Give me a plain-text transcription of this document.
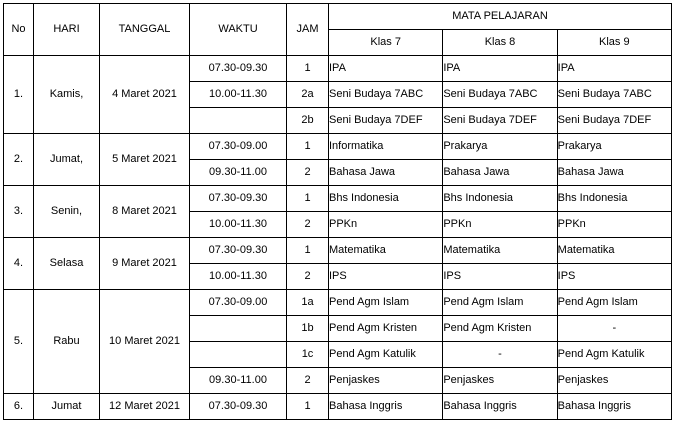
No	HARI	TANGGAL	WAKTU	JAM	MATA PELAJARAN		
					Klas 7	Klas 8	Klas 9
1.	Kamis,	4 Maret 2021	07.30-09.30	1	IPA	IPA	IPA
			10.00-11.30	2a	Seni Budaya 7ABC	Seni Budaya 7ABC	Seni Budaya 7ABC
				2b	Seni Budaya 7DEF	Seni Budaya 7DEF	Seni Budaya 7DEF
2.	Jumat,	5 Maret 2021	07.30-09.00	1	Informatika	Prakarya	Prakarya
			09.30-11.00	2	Bahasa Jawa	Bahasa Jawa	Bahasa Jawa
3.	Senin,	8 Maret 2021	07.30-09.30	1	Bhs Indonesia	Bhs Indonesia	Bhs Indonesia
			10.00-11.30	2	PPKn	PPKn	PPKn
4.	Selasa	9 Maret 2021	07.30-09.30	1	Matematika	Matematika	Matematika
			10.00-11.30	2	IPS	IPS	IPS
5.	Rabu	10 Maret 2021	07.30-09.00	1a	Pend Agm Islam	Pend Agm Islam	Pend Agm Islam
				1b	Pend Agm Kristen	Pend Agm Kristen	-
				1c	Pend Agm Katulik	-	Pend Agm Katulik
			09.30-11.00	2	Penjaskes	Penjaskes	Penjaskes
6.	Jumat	12 Maret 2021	07.30-09.30	1	Bahasa Inggris	Bahasa Inggris	Bahasa Inggris
